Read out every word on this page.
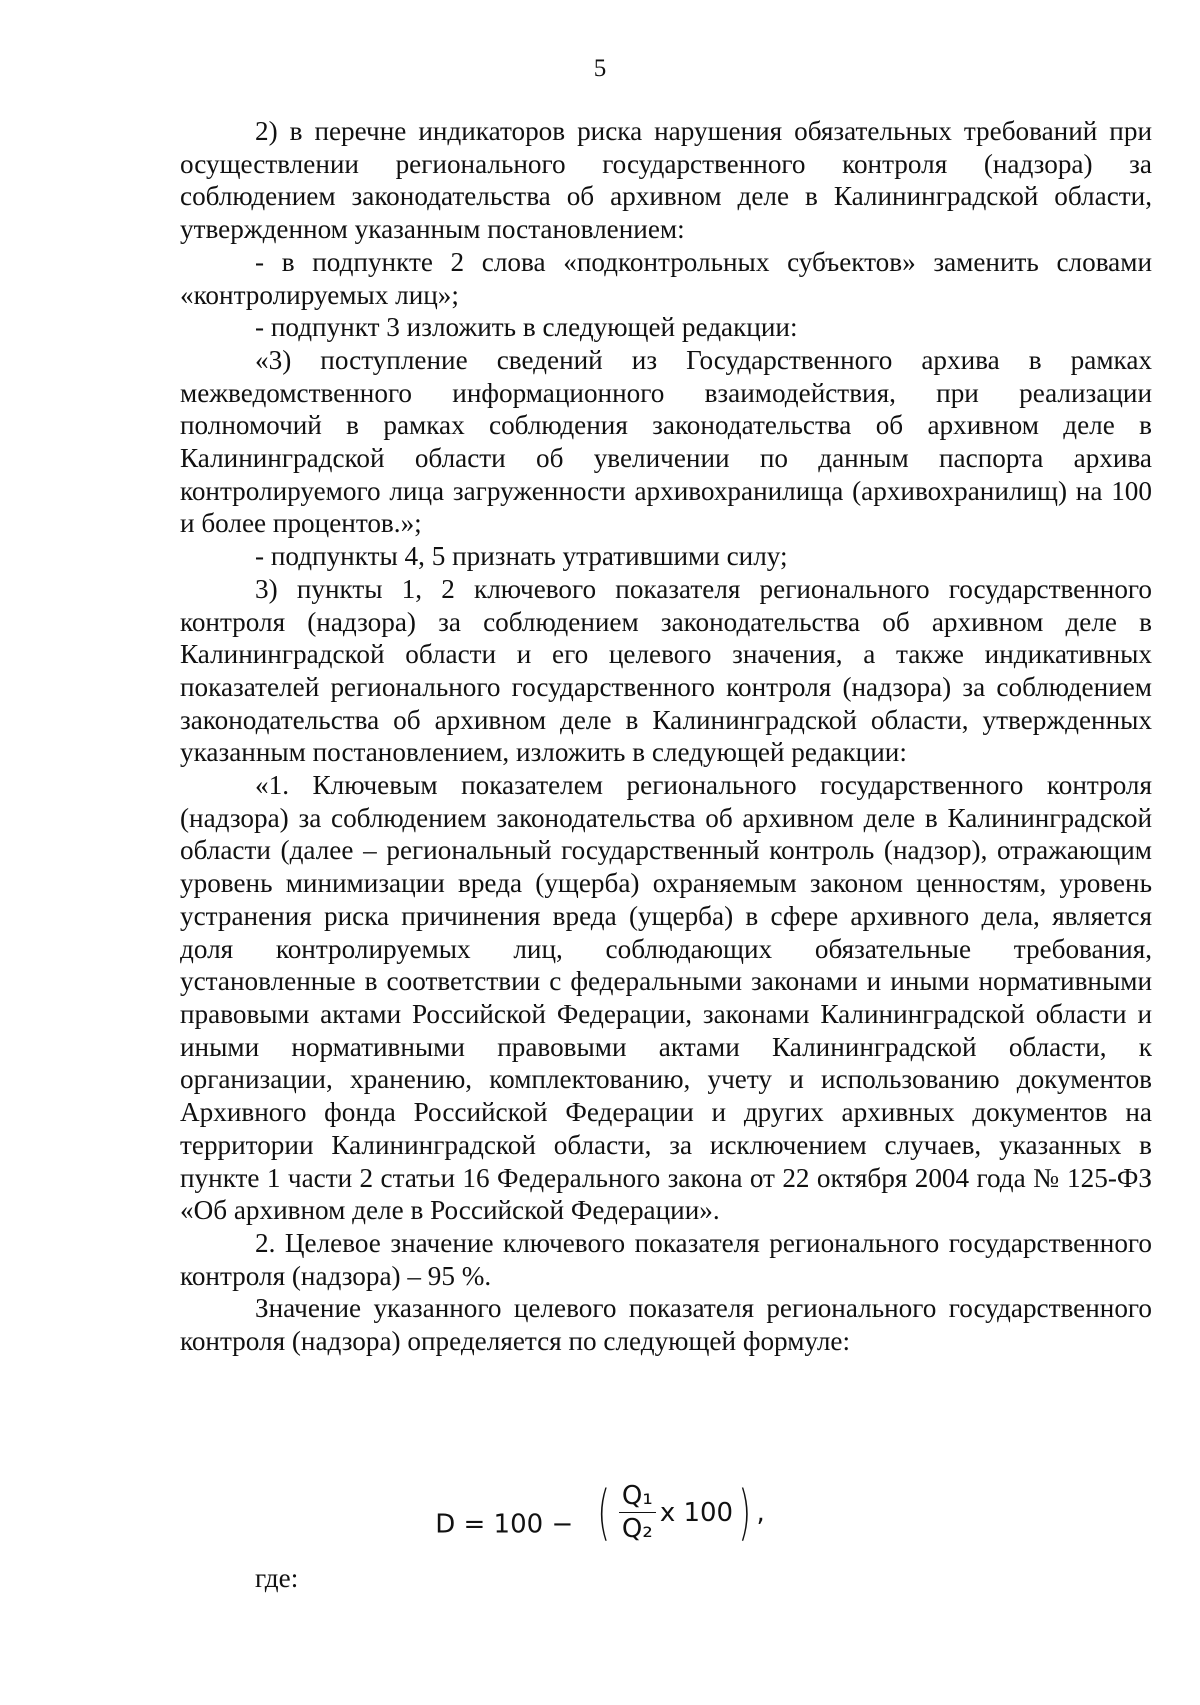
5

2) в перечне индикаторов риска нарушения обязательных требований при осуществлении регионального государственного контроля (надзора) за соблюдением законодательства об архивном деле в Калининградской области, утвержденном указанным постановлением:

- в подпункте 2 слова «подконтрольных субъектов» заменить словами «контролируемых лиц»;

- подпункт 3 изложить в следующей редакции:

«3) поступление сведений из Государственного архива в рамках межведомственного информационного взаимодействия, при реализации полномочий в рамках соблюдения законодательства об архивном деле в Калининградской области об увеличении по данным паспорта архива контролируемого лица загруженности архивохранилища (архивохранилищ) на 100 и более процентов.»;

- подпункты 4, 5 признать утратившими силу;

3) пункты 1, 2 ключевого показателя регионального государственного контроля (надзора) за соблюдением законодательства об архивном деле в Калининградской области и его целевого значения, а также индикативных показателей регионального государственного контроля (надзора) за соблюдением законодательства об архивном деле в Калининградской области, утвержденных указанным постановлением, изложить в следующей редакции:

«1. Ключевым показателем регионального государственного контроля (надзора) за соблюдением законодательства об архивном деле в Калининградской области (далее – региональный государственный контроль (надзор), отражающим уровень минимизации вреда (ущерба) охраняемым законом ценностям, уровень устранения риска причинения вреда (ущерба) в сфере архивного дела, является доля контролируемых лиц, соблюдающих обязательные требования, установленные в соответствии с федеральными законами и иными нормативными правовыми актами Российской Федерации, законами Калининградской области и иными нормативными правовыми актами Калининградской области, к организации, хранению, комплектованию, учету и использованию документов Архивного фонда Российской Федерации и других архивных документов на территории Калининградской области, за исключением случаев, указанных в пункте 1 части 2 статьи 16 Федерального закона от 22 октября 2004 года № 125-ФЗ «Об архивном деле в Российской Федерации».

2. Целевое значение ключевого показателя регионального государственного контроля (надзора) – 95 %.

Значение указанного целевого показателя регионального государственного контроля (надзора) определяется по следующей формуле:

D = 100 − ( $\frac{\text{Q₁}}{\text{Q₂}}$ x 100 ) ,
где:
